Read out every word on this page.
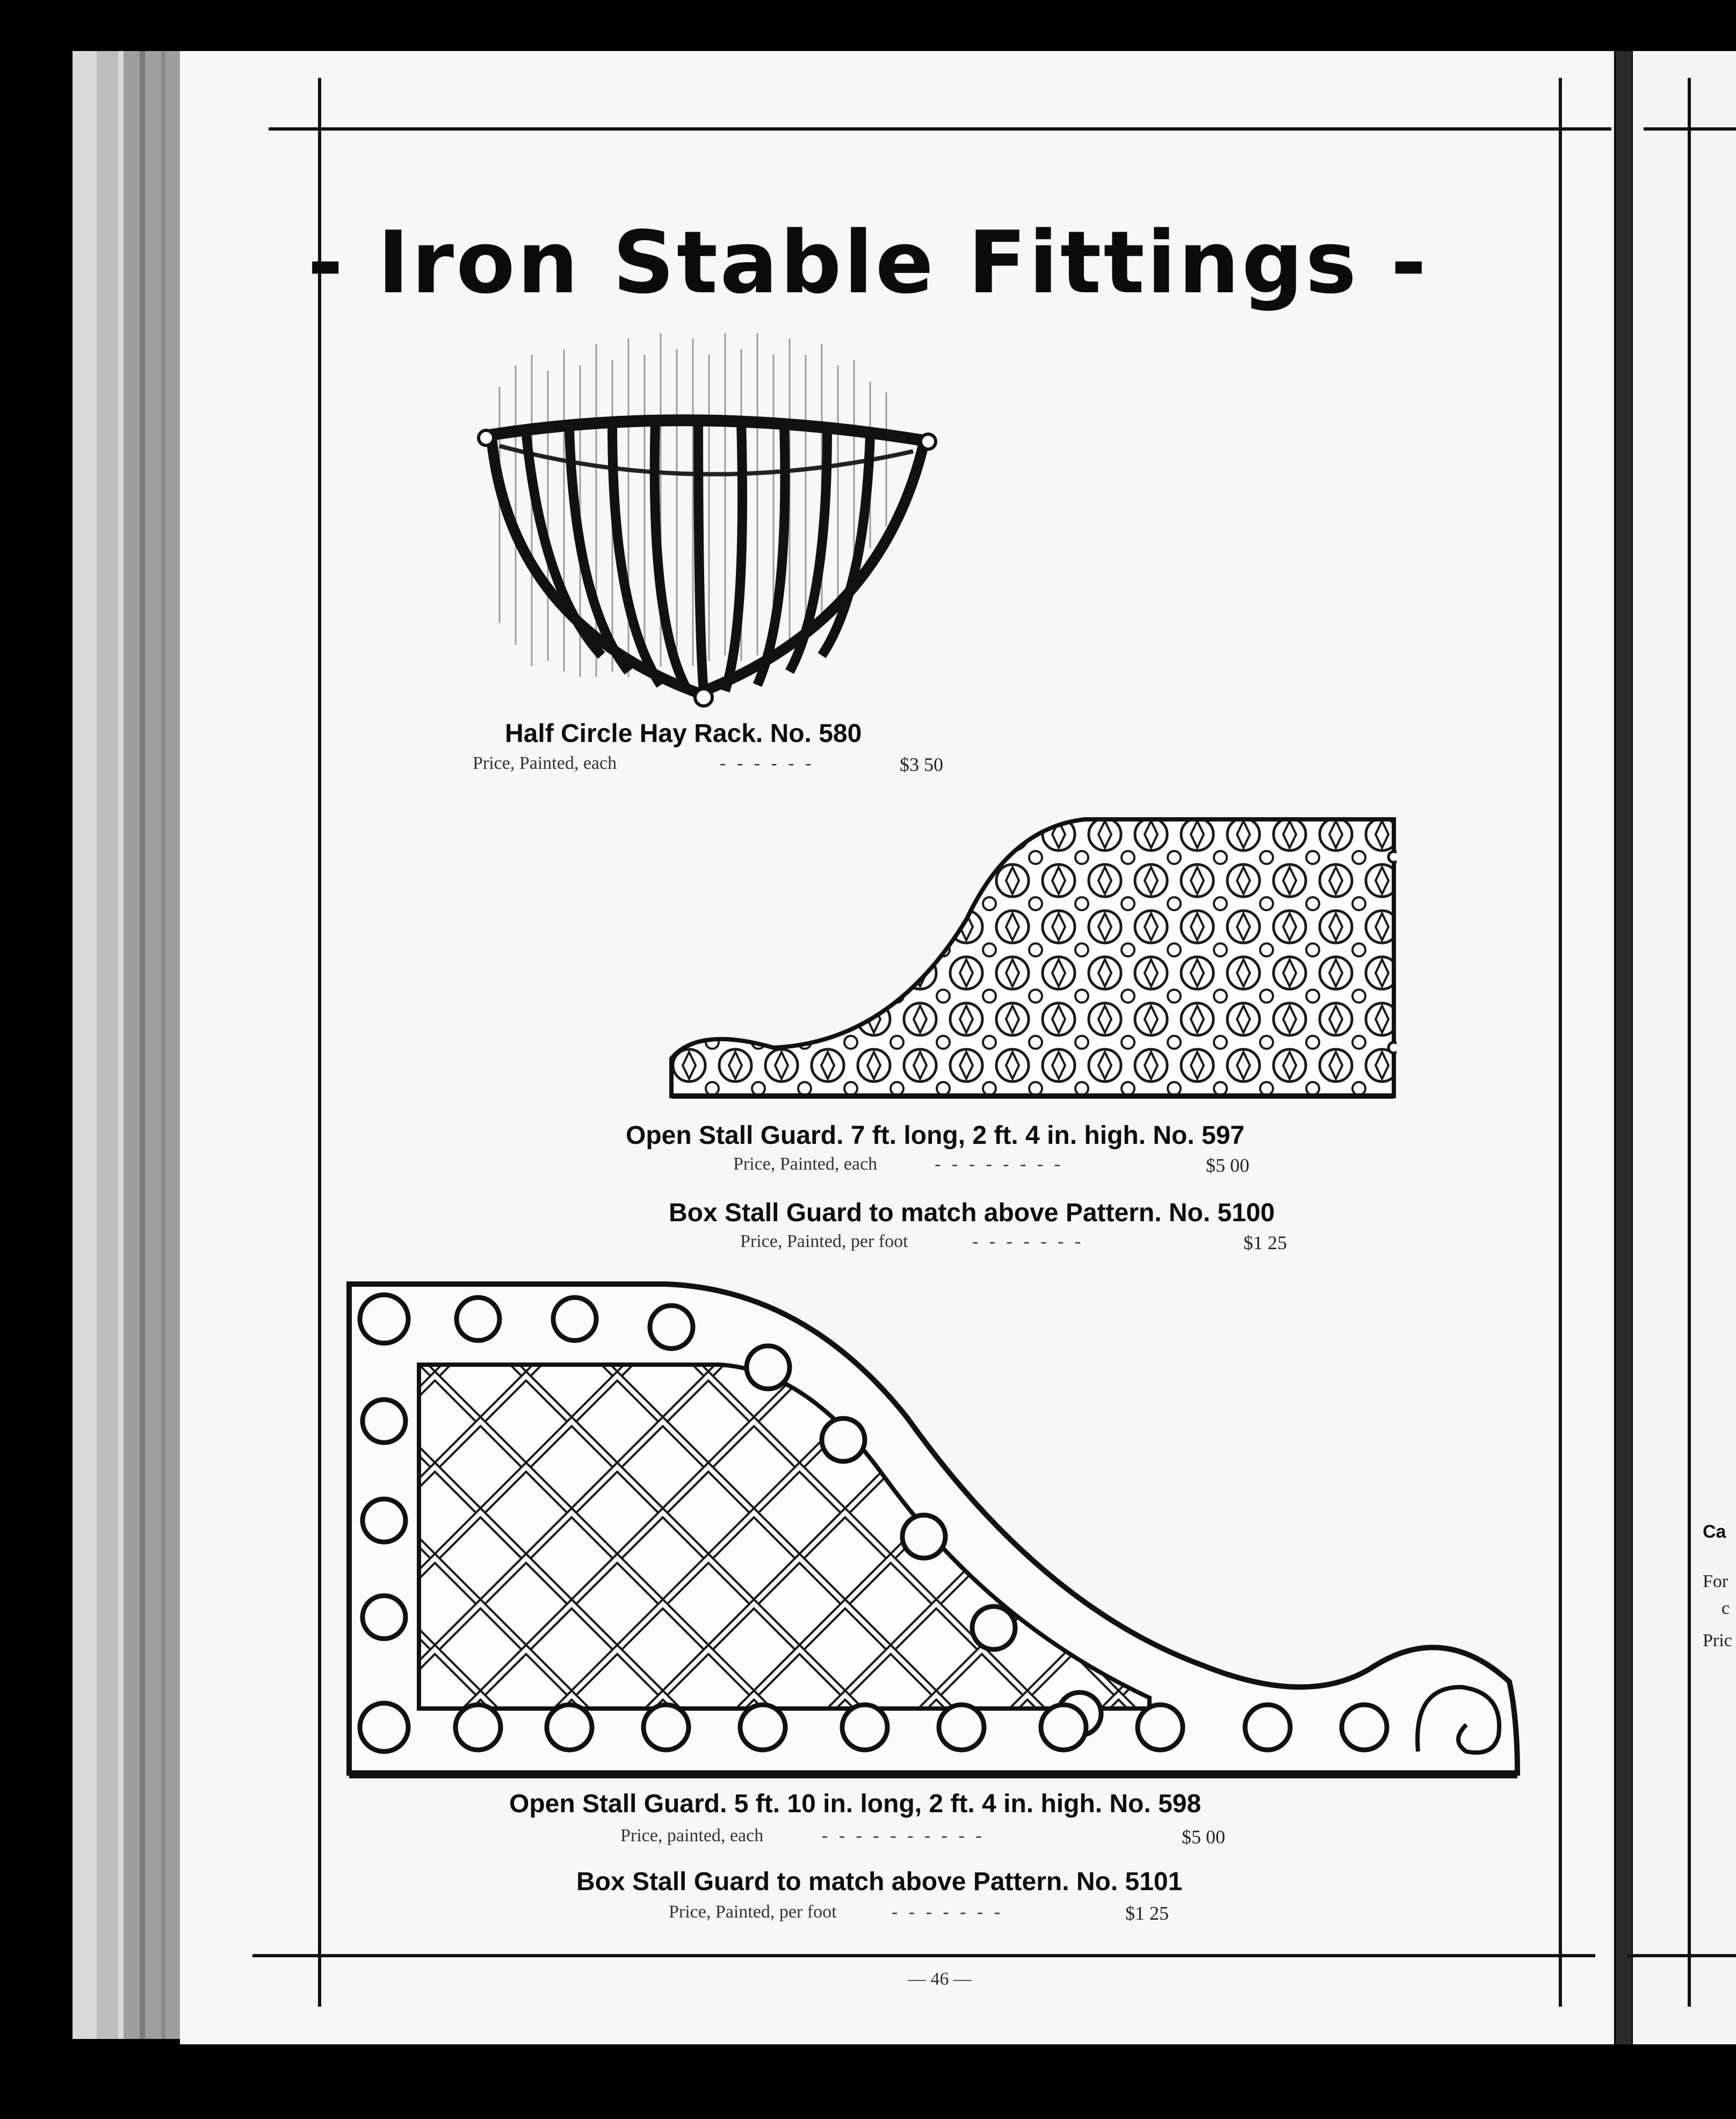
- Iron Stable Fittings -
Half Circle Hay Rack. No. 580
Price, Painted, each	- - - - - -	$3 50
Open Stall Guard. 7 ft. long, 2 ft. 4 in. high. No. 597
Price, Painted, each	- - - - - - - -	$5 00
Box Stall Guard to match above Pattern. No. 5100
Price, Painted, per foot	- - - - - - -	$1 25
Open Stall Guard. 5 ft. 10 in. long, 2 ft. 4 in. high. No. 598
Price, painted, each	- - - - - - - - - -	$5 00
Box Stall Guard to match above Pattern. No. 5101
Price, Painted, per foot	- - - - - - -	$1 25
— 46 —
Ca
For
c
Pric
